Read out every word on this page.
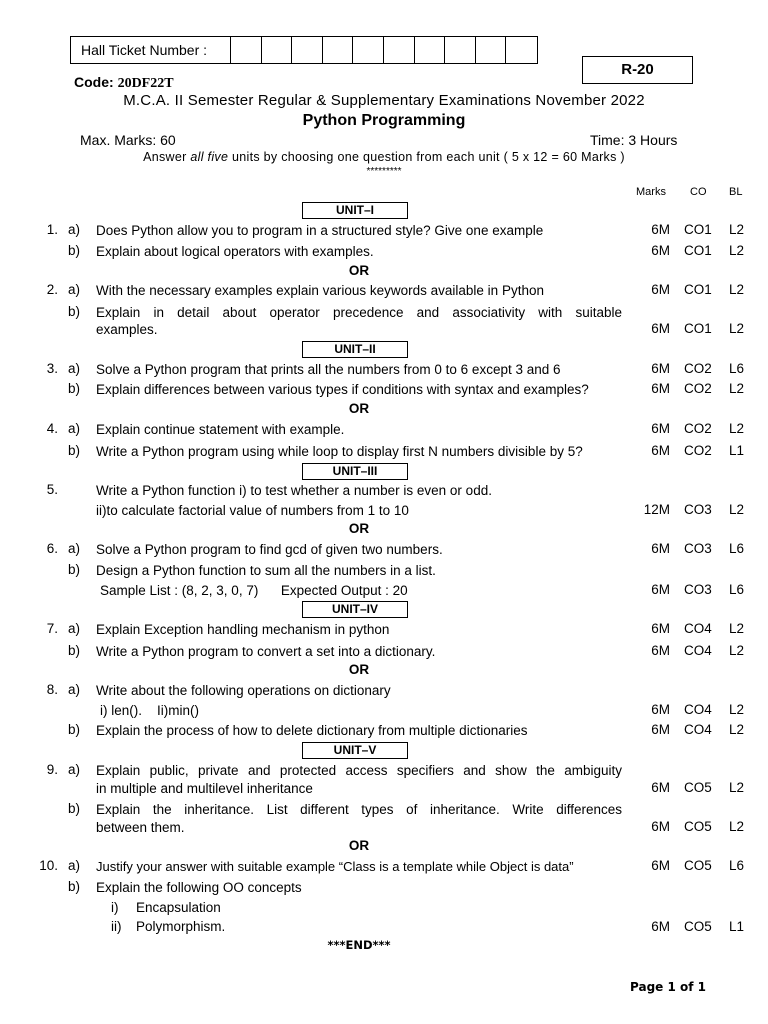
Hall Ticket Number :
R-20
Code: 20DF22T
M.C.A. II Semester Regular & Supplementary Examinations November 2022
Python Programming
Max. Marks: 60	Time: 3 Hours
Answer all five units by choosing one question from each unit ( 5 x 12 = 60 Marks )
*********
Marks CO BL
UNIT–I
1. a) Does Python allow you to program in a structured style? Give one example	6M CO1 L2
b) Explain about logical operators with examples.	6M CO1 L2
OR
2. a) With the necessary examples explain various keywords available in Python	6M CO1 L2
b) Explain in detail about operator precedence and associativity with suitable
examples.	6M CO1 L2
UNIT–II
3. a) Solve a Python program that prints all the numbers from 0 to 6 except 3 and 6	6M CO2 L6
b) Explain differences between various types if conditions with syntax and examples?	6M CO2 L2
OR
4. a) Explain continue statement with example.	6M CO2 L2
b) Write a Python program using while loop to display first N numbers divisible by 5?	6M CO2 L1
UNIT–III
5.	Write a Python function i) to test whether a number is even or odd.
ii)to calculate factorial value of numbers from 1 to 10	12M CO3 L2
OR
6. a) Solve a Python program to find gcd of given two numbers.	6M CO3 L6
b) Design a Python function to sum all the numbers in a list.
Sample List : (8, 2, 3, 0, 7)      Expected Output : 20	6M CO3 L6
UNIT–IV
7. a) Explain Exception handling mechanism in python	6M CO4 L2
b) Write a Python program to convert a set into a dictionary.	6M CO4 L2
OR
8. a) Write about the following operations on dictionary
i) len().    Ii)min()	6M CO4 L2
b) Explain the process of how to delete dictionary from multiple dictionaries	6M CO4 L2
UNIT–V
9. a) Explain public, private and protected access specifiers and show the ambiguity
in multiple and multilevel inheritance	6M CO5 L2
b) Explain the inheritance. List different types of inheritance. Write differences
between them.	6M CO5 L2
OR
10. a) Justify your answer with suitable example “Class is a template while Object is data”	6M CO5 L6
b) Explain the following OO concepts
i) Encapsulation
ii) Polymorphism.	6M CO5 L1
***END***
Page 1 of 1
